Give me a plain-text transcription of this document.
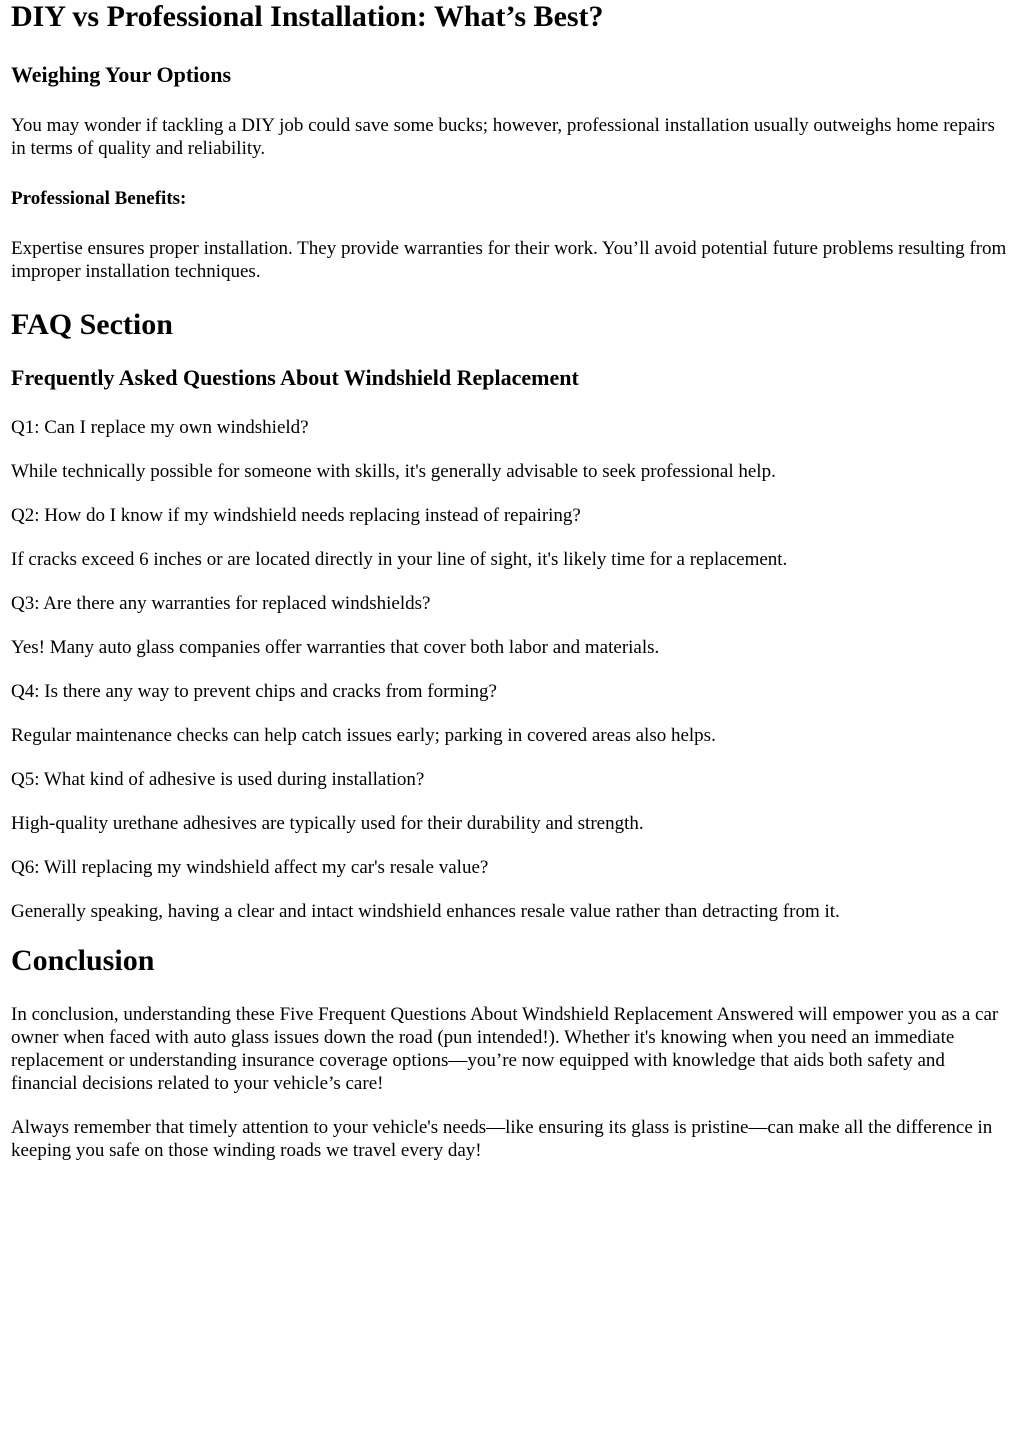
DIY vs Professional Installation: What’s Best?
Weighing Your Options

You may wonder if tackling a DIY job could save some bucks; however, professional installation usually outweighs home repairs in terms of quality and reliability.

Professional Benefits:

Expertise ensures proper installation. They provide warranties for their work. You’ll avoid potential future problems resulting from improper installation techniques.

FAQ Section
Frequently Asked Questions About Windshield Replacement

Q1: Can I replace my own windshield?

While technically possible for someone with skills, it's generally advisable to seek professional help.

Q2: How do I know if my windshield needs replacing instead of repairing?

If cracks exceed 6 inches or are located directly in your line of sight, it's likely time for a replacement.

Q3: Are there any warranties for replaced windshields?

Yes! Many auto glass companies offer warranties that cover both labor and materials.

Q4: Is there any way to prevent chips and cracks from forming?

Regular maintenance checks can help catch issues early; parking in covered areas also helps.

Q5: What kind of adhesive is used during installation?

High-quality urethane adhesives are typically used for their durability and strength.

Q6: Will replacing my windshield affect my car's resale value?

Generally speaking, having a clear and intact windshield enhances resale value rather than detracting from it.

Conclusion

In conclusion, understanding these Five Frequent Questions About Windshield Replacement Answered will empower you as a car owner when faced with auto glass issues down the road (pun intended!). Whether it's knowing when you need an immediate replacement or understanding insurance coverage options—you’re now equipped with knowledge that aids both safety and financial decisions related to your vehicle’s care!

Always remember that timely attention to your vehicle's needs—like ensuring its glass is pristine—can make all the difference in keeping you safe on those winding roads we travel every day!
